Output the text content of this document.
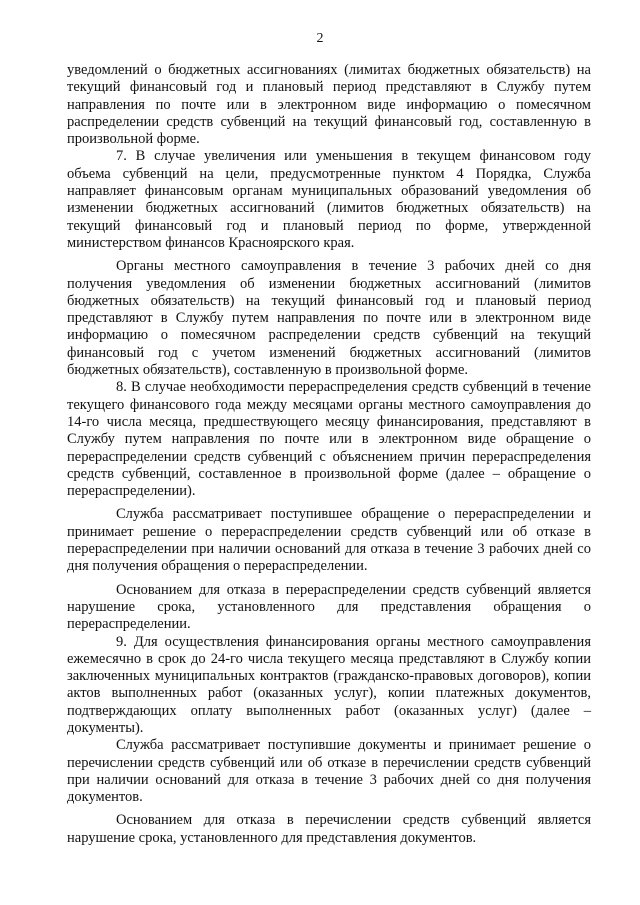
2

уведомлений о бюджетных ассигнованиях (лимитах бюджетных обязательств) на текущий финансовый год и плановый период представляют в Службу путем направления по почте или в электронном виде информацию о помесячном распределении средств субвенций на текущий финансовый год, составленную в произвольной форме.

7. В случае увеличения или уменьшения в текущем финансовом году объема субвенций на цели, предусмотренные пунктом 4 Порядка, Служба направляет финансовым органам муниципальных образований уведомления об изменении бюджетных ассигнований (лимитов бюджетных обязательств) на текущий финансовый год и плановый период по форме, утвержденной министерством финансов Красноярского края.

Органы местного самоуправления в течение 3 рабочих дней со дня получения уведомления об изменении бюджетных ассигнований (лимитов бюджетных обязательств) на текущий финансовый год и плановый период представляют в Службу путем направления по почте или в электронном виде информацию о помесячном распределении средств субвенций на текущий финансовый год с учетом изменений бюджетных ассигнований (лимитов бюджетных обязательств), составленную в произвольной форме.

8. В случае необходимости перераспределения средств субвенций в течение текущего финансового года между месяцами органы местного самоуправления до 14-го числа месяца, предшествующего месяцу финансирования, представляют в Службу путем направления по почте или в электронном виде обращение о перераспределении средств субвенций с объяснением причин перераспределения средств субвенций, составленное в произвольной форме (далее – обращение о перераспределении).

Служба рассматривает поступившее обращение о перераспределении и принимает решение о перераспределении средств субвенций или об отказе в перераспределении при наличии оснований для отказа в течение 3 рабочих дней со дня получения обращения о перераспределении.

Основанием для отказа в перераспределении средств субвенций является нарушение срока, установленного для представления обращения о перераспределении.

9. Для осуществления финансирования органы местного самоуправления ежемесячно в срок до 24-го числа текущего месяца представляют в Службу копии заключенных муниципальных контрактов (гражданско-правовых договоров), копии актов выполненных работ (оказанных услуг), копии платежных документов, подтверждающих оплату выполненных работ (оказанных услуг) (далее – документы).

Служба рассматривает поступившие документы и принимает решение о перечислении средств субвенций или об отказе в перечислении средств субвенций при наличии оснований для отказа в течение 3 рабочих дней со дня получения документов.

Основанием для отказа в перечислении средств субвенций является нарушение срока, установленного для представления документов.
